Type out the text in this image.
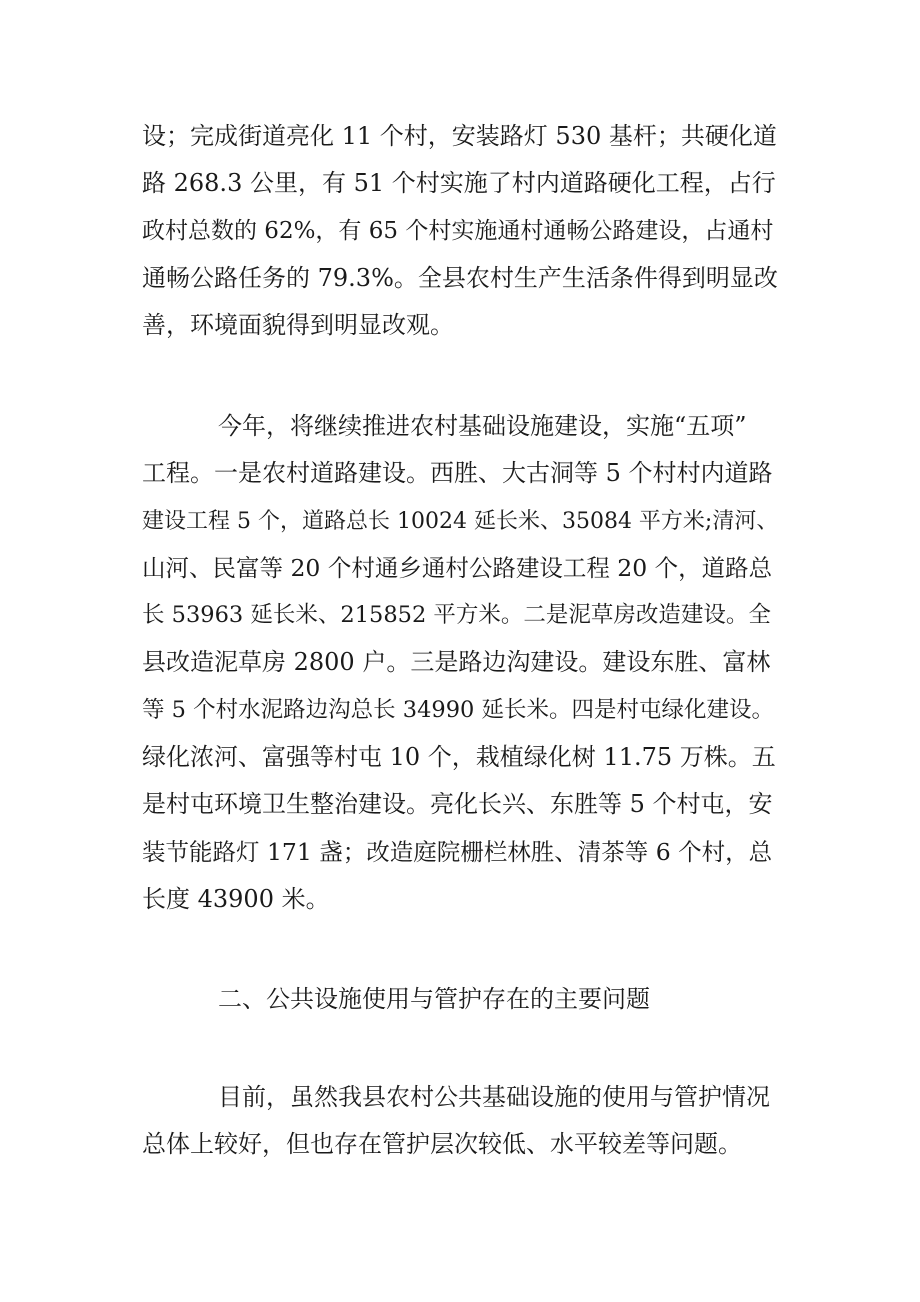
设；完成街道亮化 11 个村，安装路灯 530 基杆；共硬化道
路 268.3 公里，有 51 个村实施了村内道路硬化工程，占行
政村总数的 62%，有 65 个村实施通村通畅公路建设，占通村
通畅公路任务的 79.3%。全县农村生产生活条件得到明显改
善，环境面貌得到明显改观。
今年，将继续推进农村基础设施建设，实施“五项”
工程。一是农村道路建设。西胜、大古洞等 5 个村村内道路
建设工程 5 个，道路总长 10024 延长米、35084 平方米;清河、
山河、民富等 20 个村通乡通村公路建设工程 20 个，道路总
长 53963 延长米、215852 平方米。二是泥草房改造建设。全
县改造泥草房 2800 户。三是路边沟建设。建设东胜、富林
等 5 个村水泥路边沟总长 34990 延长米。四是村屯绿化建设。
绿化浓河、富强等村屯 10 个，栽植绿化树 11.75 万株。五
是村屯环境卫生整治建设。亮化长兴、东胜等 5 个村屯，安
装节能路灯 171 盏；改造庭院栅栏林胜、清茶等 6 个村，总
长度 43900 米。
二、公共设施使用与管护存在的主要问题
目前，虽然我县农村公共基础设施的使用与管护情况
总体上较好，但也存在管护层次较低、水平较差等问题。
